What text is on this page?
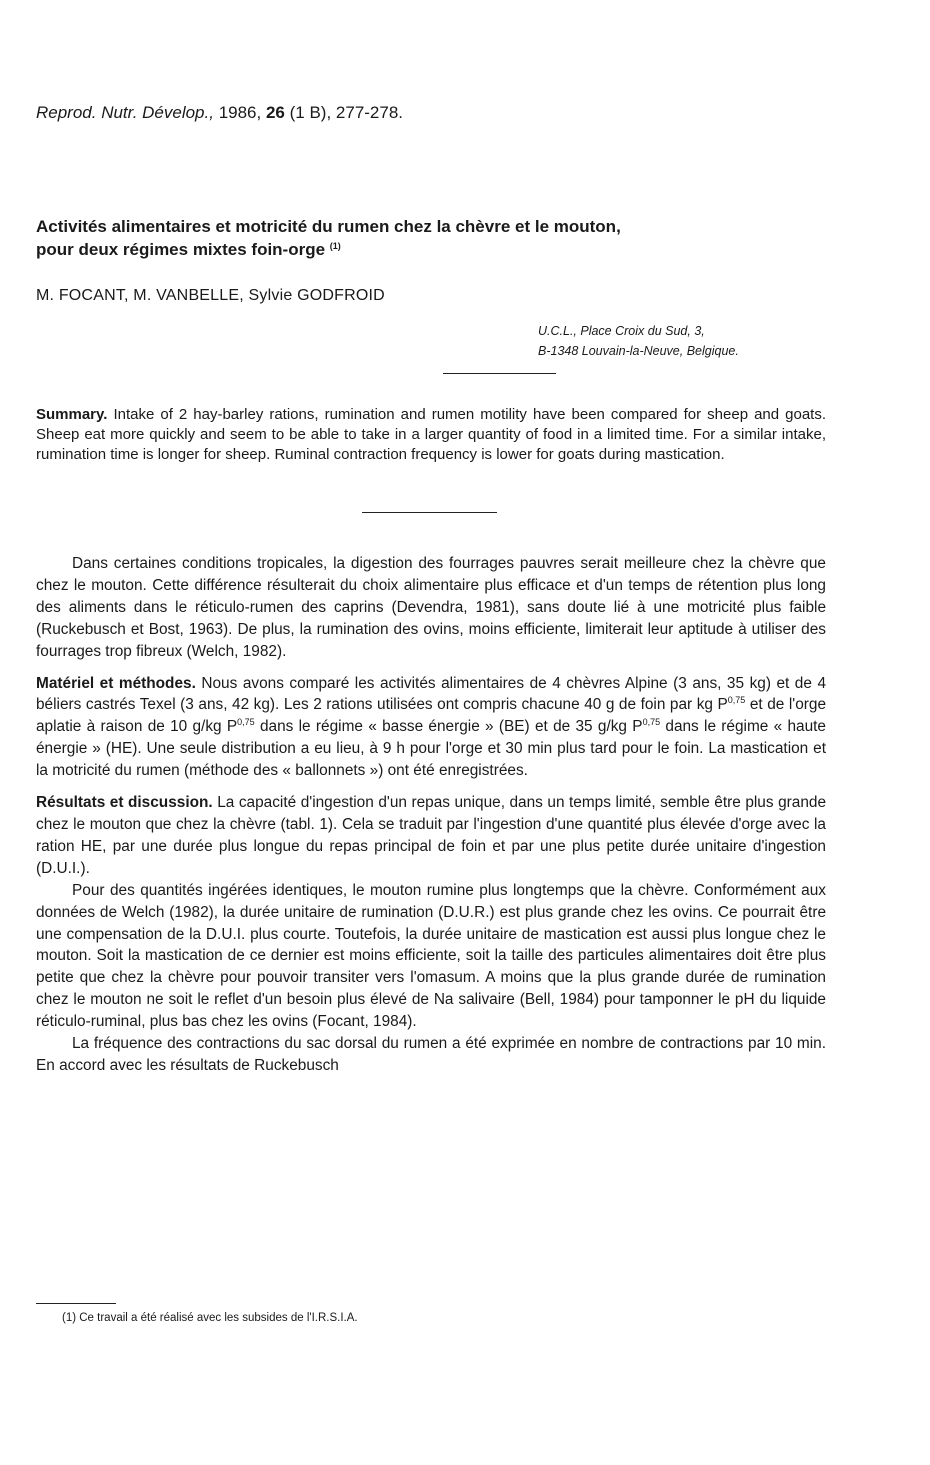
Reprod. Nutr. Dévelop., 1986, 26 (1 B), 277-278.
Activités alimentaires et motricité du rumen chez la chèvre et le mouton,
pour deux régimes mixtes foin-orge $^{(1)}$
M. FOCANT, M. VANBELLE, Sylvie GODFROID
U.C.L., Place Croix du Sud, 3,
B-1348 Louvain-la-Neuve, Belgique.
Summary. Intake of 2 hay-barley rations, rumination and rumen motility have been compared for sheep and goats. Sheep eat more quickly and seem to be able to take in a larger quantity of food in a limited time. For a similar intake, rumination time is longer for sheep. Ruminal contraction frequency is lower for goats during mastication.

Dans certaines conditions tropicales, la digestion des fourrages pauvres serait meilleure chez la chèvre que chez le mouton. Cette différence résulterait du choix alimentaire plus efficace et d'un temps de rétention plus long des aliments dans le réticulo-rumen des caprins (Devendra, 1981), sans doute lié à une motricité plus faible (Ruckebusch et Bost, 1963). De plus, la rumination des ovins, moins efficiente, limiterait leur aptitude à utiliser des fourrages trop fibreux (Welch, 1982).

Matériel et méthodes. Nous avons comparé les activités alimentaires de 4 chèvres Alpine (3 ans, 35 kg) et de 4 béliers castrés Texel (3 ans, 42 kg). Les 2 rations utilisées ont compris chacune 40 g de foin par kg P$^{0,75}$ et de l'orge aplatie à raison de 10 g/kg P$^{0,75}$ dans le régime « basse énergie » (BE) et de 35 g/kg P$^{0,75}$ dans le régime « haute énergie » (HE). Une seule distribution a eu lieu, à 9 h pour l'orge et 30 min plus tard pour le foin. La mastication et la motricité du rumen (méthode des « ballonnets ») ont été enregistrées.

Résultats et discussion. La capacité d'ingestion d'un repas unique, dans un temps limité, semble être plus grande chez le mouton que chez la chèvre (tabl. 1). Cela se traduit par l'ingestion d'une quantité plus élevée d'orge avec la ration HE, par une durée plus longue du repas principal de foin et par une plus petite durée unitaire d'ingestion (D.U.I.).

Pour des quantités ingérées identiques, le mouton rumine plus longtemps que la chèvre. Conformément aux données de Welch (1982), la durée unitaire de rumination (D.U.R.) est plus grande chez les ovins. Ce pourrait être une compensation de la D.U.I. plus courte. Toutefois, la durée unitaire de mastication est aussi plus longue chez le mouton. Soit la mastication de ce dernier est moins efficiente, soit la taille des particules alimentaires doit être plus petite que chez la chèvre pour pouvoir transiter vers l'omasum. A moins que la plus grande durée de rumination chez le mouton ne soit le reflet d'un besoin plus élevé de Na salivaire (Bell, 1984) pour tamponner le pH du liquide réticulo-ruminal, plus bas chez les ovins (Focant, 1984).

La fréquence des contractions du sac dorsal du rumen a été exprimée en nombre de contractions par 10 min. En accord avec les résultats de Ruckebusch

(1) Ce travail a été réalisé avec les subsides de l'I.R.S.I.A.
